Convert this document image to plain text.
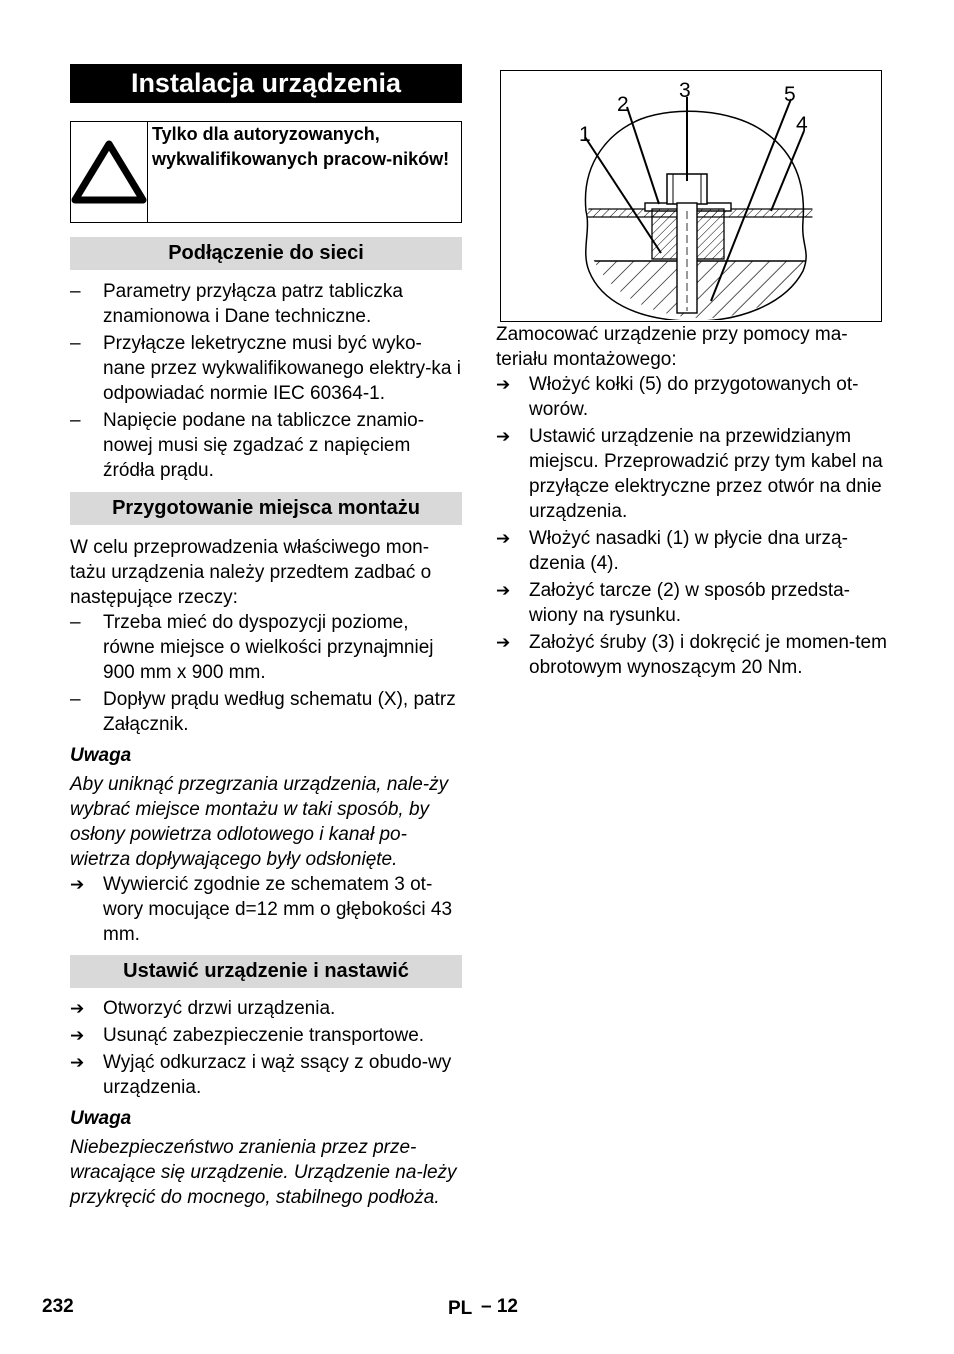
Instalacja urządzenia
Tylko dla autoryzowanych, wykwalifikowanych pracow-ników!
Podłączenie do sieci
– Parametry przyłącza patrz tabliczka znamionowa i Dane techniczne.
– Przyłącze leketryczne musi być wyko-nane przez wykwalifikowanego elektry-ka i odpowiadać normie IEC 60364-1.
– Napięcie podane na tabliczce znamio-nowej musi się zgadzać z napięciem źródła prądu.
Przygotowanie miejsca montażu

W celu przeprowadzenia właściwego mon-tażu urządzenia należy przedtem zadbać o następujące rzeczy:

– Trzeba mieć do dyspozycji poziome, równe miejsce o wielkości przynajmniej 900 mm x 900 mm.
– Dopływ prądu według schematu (X), patrz Załącznik.
Uwaga

Aby uniknąć przegrzania urządzenia, nale-ży wybrać miejsce montażu w taki sposób, by osłony powietrza odlotowego i kanał po-wietrza dopływającego były odsłonięte.

➔ Wywiercić zgodnie ze schematem 3 ot-wory mocujące d=12 mm o głębokości 43 mm.
Ustawić urządzenie i nastawić
➔ Otworzyć drzwi urządzenia.
➔ Usunąć zabezpieczenie transportowe.
➔ Wyjąć odkurzacz i wąż ssący z obudo-wy urządzenia.
Uwaga

Niebezpieczeństwo zranienia przez prze-wracające się urządzenie. Urządzenie na-leży przykręcić do mocnego, stabilnego podłoża.

1
2
3	5
4

Zamocować urządzenie przy pomocy ma-teriału montażowego:

➔ Włożyć kołki (5) do przygotowanych ot-worów.
➔ Ustawić urządzenie na przewidzianym miejscu. Przeprowadzić przy tym kabel na przyłącze elektryczne przez otwór na dnie urządzenia.
➔ Włożyć nasadki (1) w płycie dna urzą-dzenia (4).
➔ Założyć tarcze (2) w sposób przedsta-wiony na rysunku.
➔ Założyć śruby (3) i dokręcić je momen-tem obrotowym wynoszącym 20 Nm.
232	PL – 12
